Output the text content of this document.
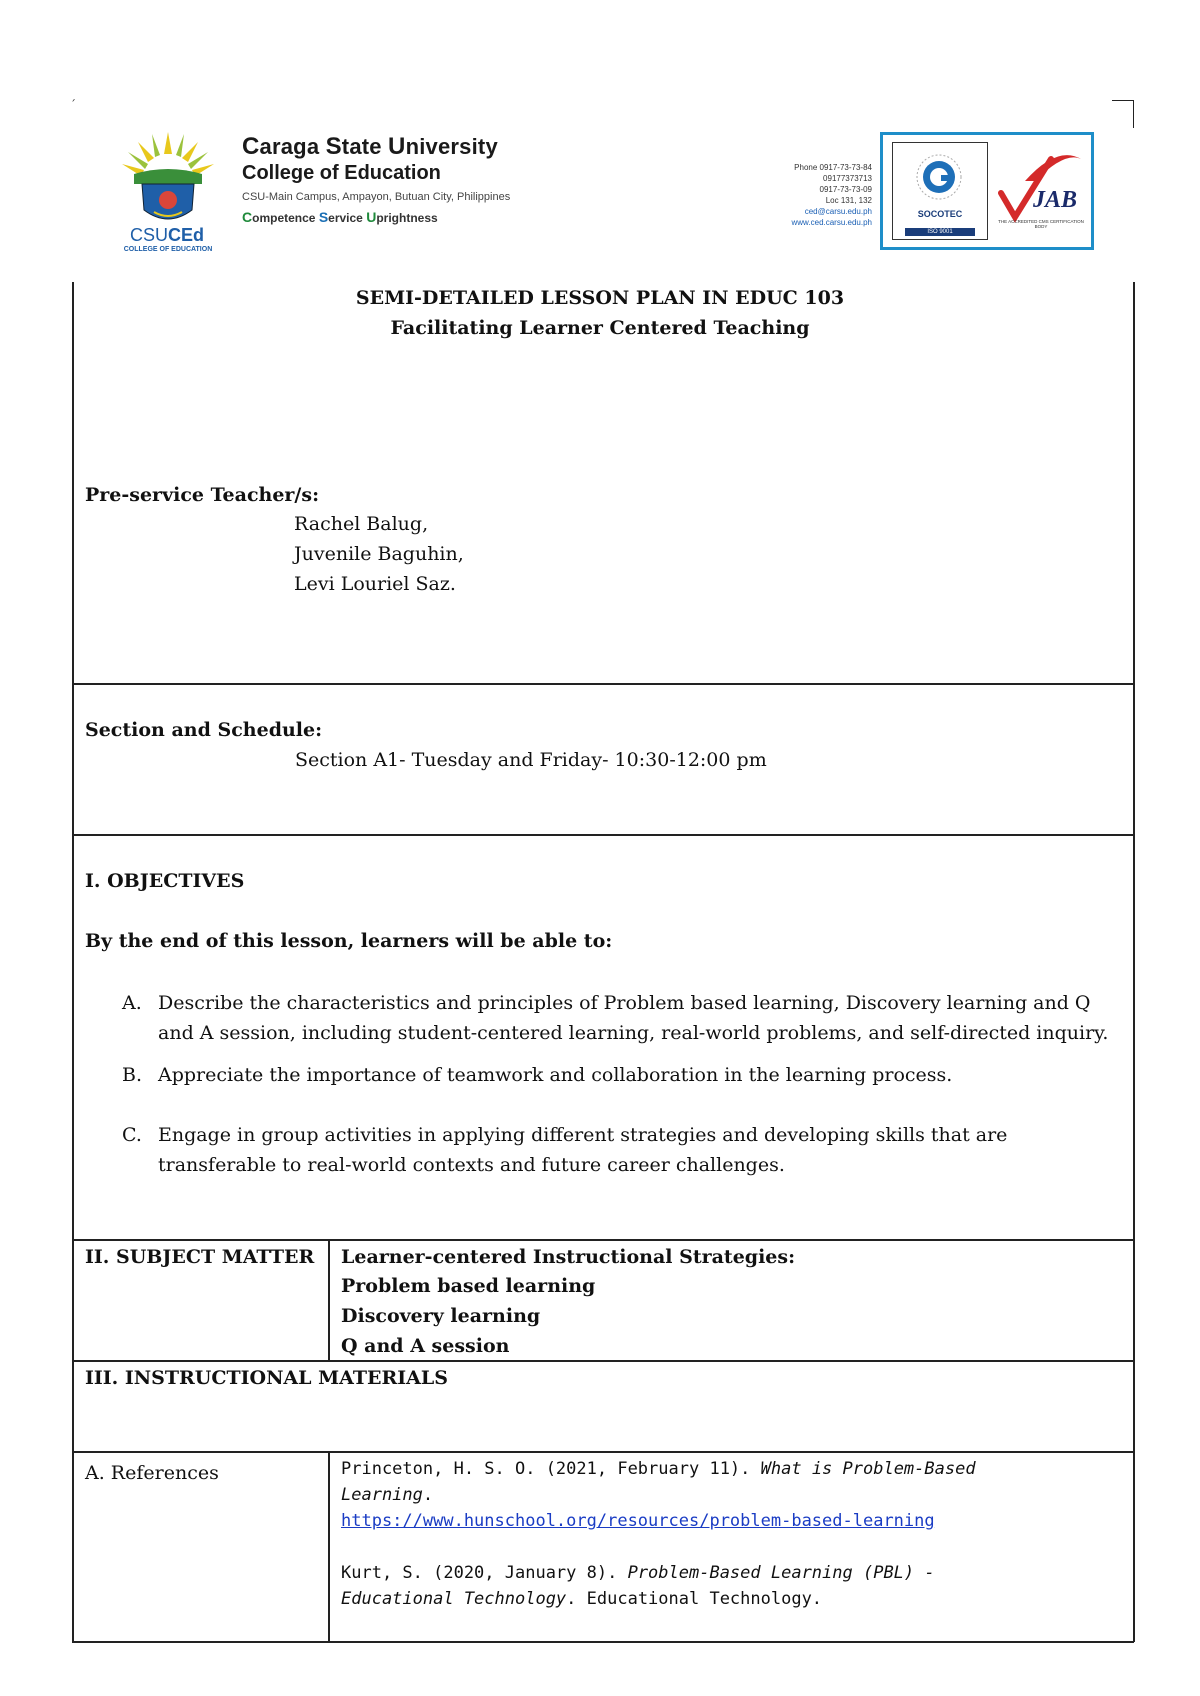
´
CSU CEd
COLLEGE OF EDUCATION
Caraga State University
College of Education
CSU-Main Campus, Ampayon, Butuan City, Philippines
Competence Service Uprightness
Phone 0917-73-73-84
09177373713
0917-73-73-09
Loc 131, 132
ced@carsu.edu.ph
www.ced.carsu.edu.ph
SOCOTEC
ISO 9001
JAB
THE ACCREDITED CMS CERTIFICATION BODY
SEMI-DETAILED LESSON PLAN IN EDUC 103
Facilitating Learner Centered Teaching
Pre-service Teacher/s:
Rachel Balug,
Juvenile Baguhin,
Levi Louriel Saz.
Section and Schedule:
Section A1- Tuesday and Friday- 10:30-12:00 pm
I. OBJECTIVES
By the end of this lesson, learners will be able to:
A. Describe the characteristics and principles of Problem based learning, Discovery learning and Q and A session, including student-centered learning, real-world problems, and self-directed inquiry.
B. Appreciate the importance of teamwork and collaboration in the learning process.
C. Engage in group activities in applying different strategies and developing skills that are transferable to real-world contexts and future career challenges.
II. SUBJECT MATTER Learner-centered Instructional Strategies:
Problem based learning
Discovery learning
Q and A session
III. INSTRUCTIONAL MATERIALS
A. References	Princeton, H. S. O. (2021, February 11). What is Problem-Based
Learning.
https://www.hunschool.org/resources/problem-based-learning
Kurt, S. (2020, January 8). Problem-Based Learning (PBL) -
Educational Technology. Educational Technology.
